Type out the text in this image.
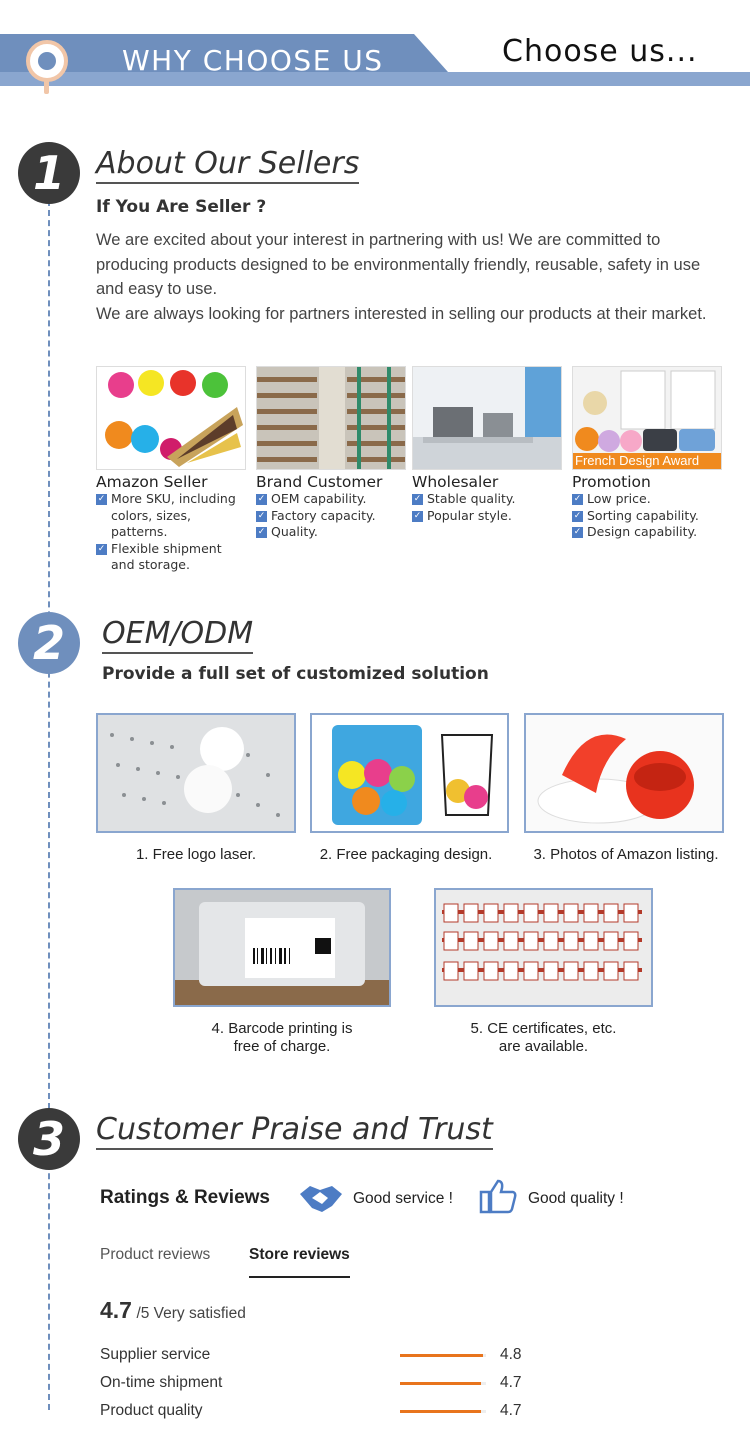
WHY CHOOSE US	Choose us...
1	About Our Sellers
If You Are Seller ?
We are excited about your interest in partnering with us! We are committed to producing products designed to be environmentally friendly, reusable, safety in use and easy to use.
We are always looking for partners interested in selling our products at their market.
Amazon Seller
✓ More SKU, including colors, sizes, patterns.
✓ Flexible shipment and storage.
Brand Customer
✓ OEM capability.
✓ Factory capacity.
✓ Quality.
Wholesaler
✓ Stable quality.
✓ Popular style.
French Design Award
Promotion
✓ Low price.
✓ Sorting capability.
✓ Design capability.
2	OEM/ODM
Provide a full set of customized solution
1. Free logo laser.	2. Free packaging design.	3. Photos of Amazon listing.
4. Barcode printing is
free of charge.
5. CE certificates, etc.
are available.
3	Customer Praise and Trust
Ratings & Reviews	Good service !	Good quality !
Product reviews Store reviews
4.7 /5 Very satisfied
Supplier service	4.8
On-time shipment	4.7
Product quality	4.7
